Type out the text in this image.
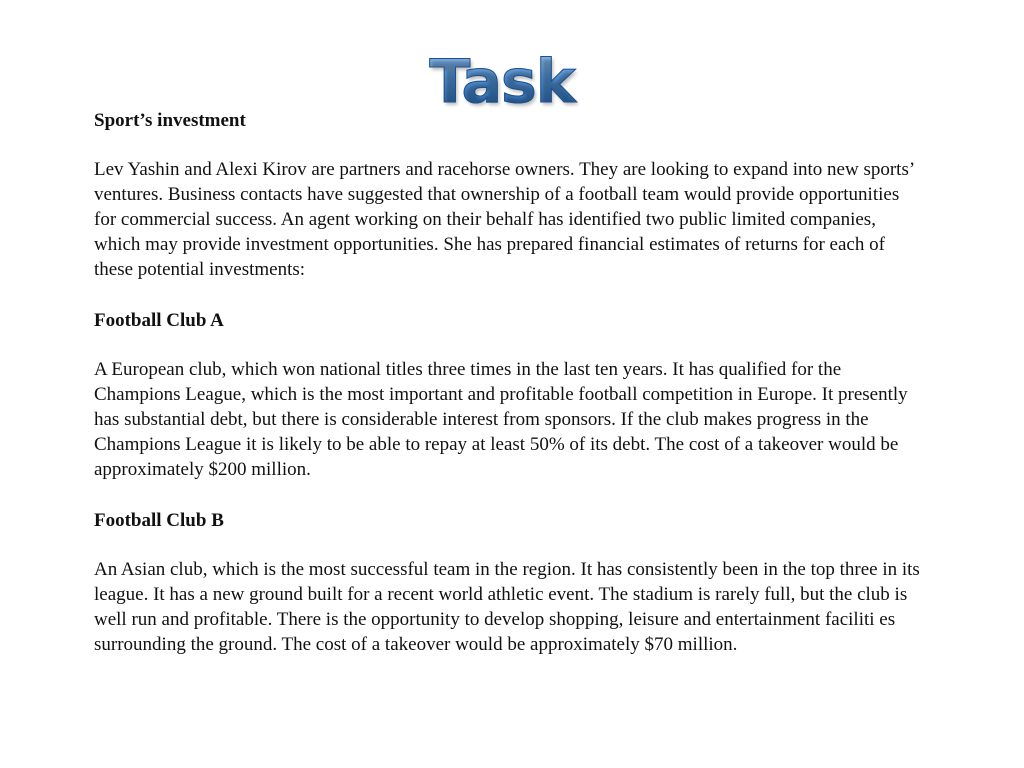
Task

Sport’s investment

Lev Yashin and Alexi Kirov are partners and racehorse owners. They are looking to expand into new sports’ ventures. Business contacts have suggested that ownership of a football team would provide opportunities for commercial success. An agent working on their behalf has identified two public limited companies, which may provide investment opportunities. She has prepared financial estimates of returns for each of these potential investments:

Football Club A

A European club, which won national titles three times in the last ten years. It has qualified for the Champions League, which is the most important and profitable football competition in Europe. It presently has substantial debt, but there is considerable interest from sponsors. If the club makes progress in the Champions League it is likely to be able to repay at least 50% of its debt. The cost of a takeover would be approximately $200 million.

Football Club B

An Asian club, which is the most successful team in the region. It has consistently been in the top three in its league. It has a new ground built for a recent world athletic event. The stadium is rarely full, but the club is well run and profitable. There is the opportunity to develop shopping, leisure and entertainment faciliti es surrounding the ground. The cost of a takeover would be approximately $70 million.
